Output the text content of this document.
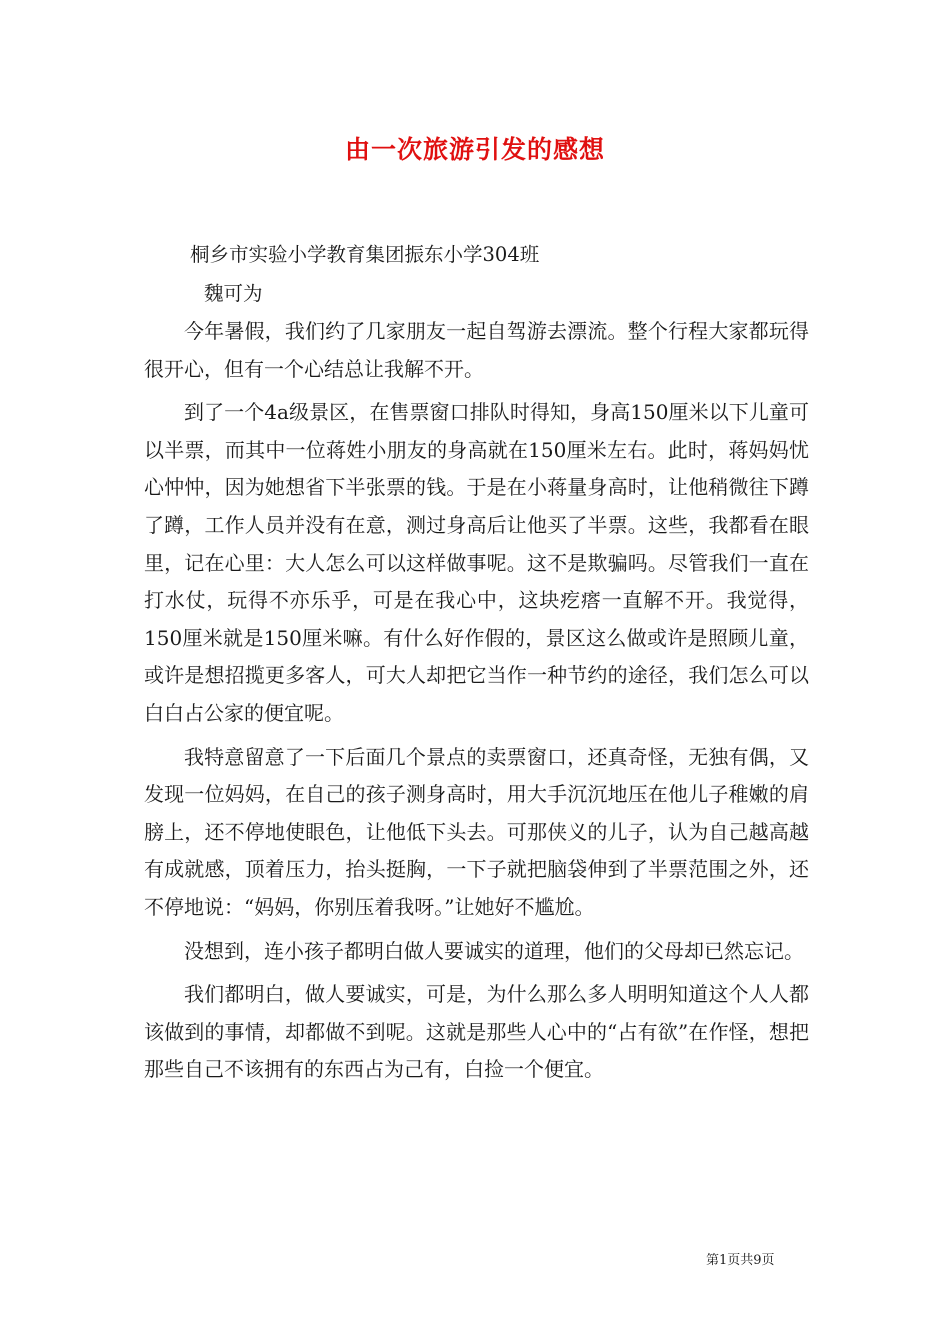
由一次旅游引发的感想
桐乡市实验小学教育集团振东小学304班
魏可为

今年暑假，我们约了几家朋友一起自驾游去漂流。整个行程大家都玩得很开心，但有一个心结总让我解不开。

到了一个4a级景区，在售票窗口排队时得知，身高150厘米以下儿童可以半票，而其中一位蒋姓小朋友的身高就在150厘米左右。此时，蒋妈妈忧心忡忡，因为她想省下半张票的钱。于是在小蒋量身高时，让他稍微往下蹲了蹲，工作人员并没有在意，测过身高后让他买了半票。这些，我都看在眼里，记在心里：大人怎么可以这样做事呢。这不是欺骗吗。尽管我们一直在打水仗，玩得不亦乐乎，可是在我心中，这块疙瘩一直解不开。我觉得，150厘米就是150厘米嘛。有什么好作假的，景区这么做或许是照顾儿童，或许是想招揽更多客人，可大人却把它当作一种节约的途径，我们怎么可以白白占公家的便宜呢。

我特意留意了一下后面几个景点的卖票窗口，还真奇怪，无独有偶，又发现一位妈妈，在自己的孩子测身高时，用大手沉沉地压在他儿子稚嫩的肩膀上，还不停地使眼色，让他低下头去。可那侠义的儿子，认为自己越高越有成就感，顶着压力，抬头挺胸，一下子就把脑袋伸到了半票范围之外，还不停地说：“妈妈，你别压着我呀。”让她好不尴尬。

没想到，连小孩子都明白做人要诚实的道理，他们的父母却已然忘记。

我们都明白，做人要诚实，可是，为什么那么多人明明知道这个人人都该做到的事情，却都做不到呢。这就是那些人心中的“占有欲”在作怪，想把那些自己不该拥有的东西占为己有，白捡一个便宜。

第1页共9页
